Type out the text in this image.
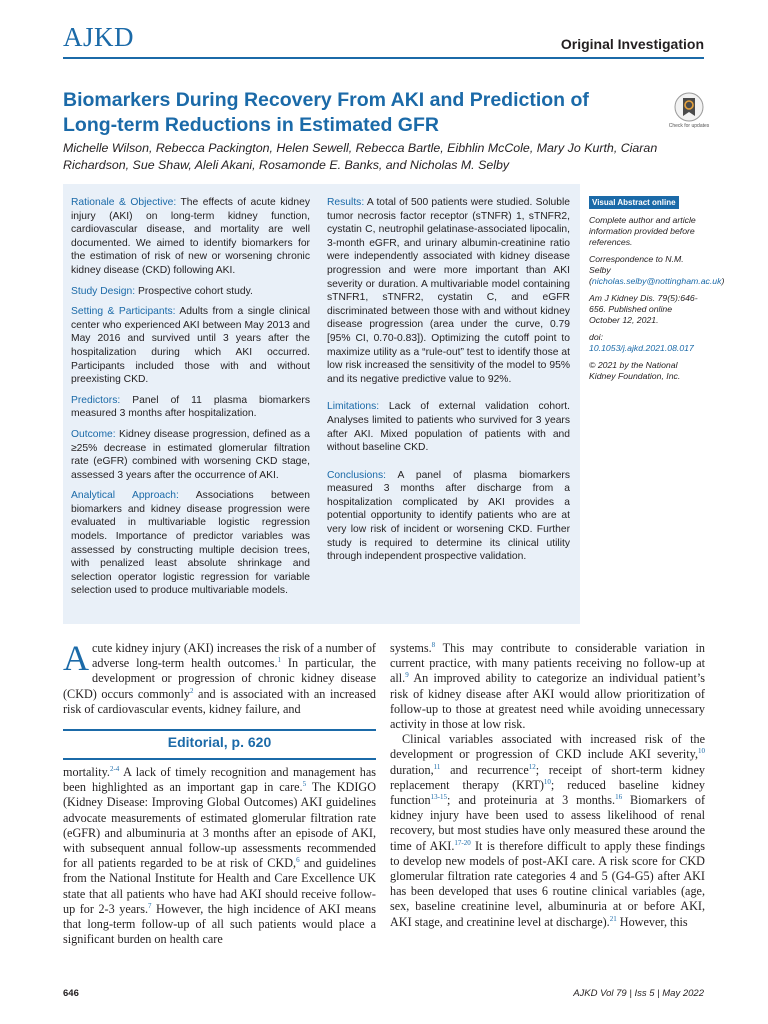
AJKD	Original Investigation
Biomarkers During Recovery From AKI and Prediction of Long-term Reductions in Estimated GFR	Check for updates

Michelle Wilson, Rebecca Packington, Helen Sewell, Rebecca Bartle, Eibhlin McCole, Mary Jo Kurth, Ciaran Richardson, Sue Shaw, Aleli Akani, Rosamonde E. Banks, and Nicholas M. Selby

Rationale & Objective: The effects of acute kidney injury (AKI) on long-term kidney function, cardiovascular disease, and mortality are well documented. We aimed to identify biomarkers for the estimation of risk of new or worsening chronic kidney disease (CKD) following AKI.

Study Design: Prospective cohort study.

Setting & Participants: Adults from a single clinical center who experienced AKI between May 2013 and May 2016 and survived until 3 years after the hospitalization during which AKI occurred. Participants included those with and without preexisting CKD.

Predictors: Panel of 11 plasma biomarkers measured 3 months after hospitalization.

Outcome: Kidney disease progression, defined as a ≥25% decrease in estimated glomerular filtration rate (eGFR) combined with worsening CKD stage, assessed 3 years after the occurrence of AKI.

Analytical Approach: Associations between biomarkers and kidney disease progression were evaluated in multivariable logistic regression models. Importance of predictor variables was assessed by constructing multiple decision trees, with penalized least absolute shrinkage and selection operator logistic regression for variable selection used to produce multivariable models.

Results: A total of 500 patients were studied. Soluble tumor necrosis factor receptor (sTNFR) 1, sTNFR2, cystatin C, neutrophil gelatinase-associated lipocalin, 3-month eGFR, and urinary albumin-creatinine ratio were independently associated with kidney disease progression and were more important than AKI severity or duration. A multivariable model containing sTNFR1, sTNFR2, cystatin C, and eGFR discriminated between those with and without kidney disease progression (area under the curve, 0.79 [95% CI, 0.70-0.83]). Optimizing the cutoff point to maximize utility as a “rule-out” test to identify those at low risk increased the sensitivity of the model to 95% and its negative predictive value to 92%.

Limitations: Lack of external validation cohort. Analyses limited to patients who survived for 3 years after AKI. Mixed population of patients with and without baseline CKD.

Conclusions: A panel of plasma biomarkers measured 3 months after discharge from a hospitalization complicated by AKI provides a potential opportunity to identify patients who are at very low risk of incident or worsening CKD. Further study is required to determine its clinical utility through independent prospective validation.

Visual Abstract online

Complete author and article information provided before references.

Correspondence to N.M. Selby (nicholas.selby@nottingham.ac.uk)

Am J Kidney Dis. 79(5):646-656. Published online October 12, 2021.

doi: 10.1053/j.ajkd.2021.08.017

© 2021 by the National Kidney Foundation, Inc.

Acute kidney injury (AKI) increases the risk of a number of adverse long-term health outcomes.$^1$ In particular, the development or progression of chronic kidney disease (CKD) occurs commonly$^2$ and is associated with an increased risk of cardiovascular events, kidney failure, and

Editorial, p. 620

mortality.$^{2-4}$ A lack of timely recognition and management has been highlighted as an important gap in care.$^5$ The KDIGO (Kidney Disease: Improving Global Outcomes) AKI guidelines advocate measurements of estimated glomerular filtration rate (eGFR) and albuminuria at 3 months after an episode of AKI, with subsequent annual follow-up assessments recommended for all patients regarded to be at risk of CKD,$^6$ and guidelines from the National Institute for Health and Care Excellence UK state that all patients who have had AKI should receive follow-up for 2-3 years.$^7$ However, the high incidence of AKI means that long-term follow-up of all such patients would place a significant burden on health care

systems.$^8$ This may contribute to considerable variation in current practice, with many patients receiving no follow-up at all.$^9$ An improved ability to categorize an individual patient’s risk of kidney disease after AKI would allow prioritization of follow-up to those at greatest need while avoiding unnecessary activity in those at low risk.

Clinical variables associated with increased risk of the development or progression of CKD include AKI severity,$^{10}$ duration,$^{11}$ and recurrence$^{12}$; receipt of short-term kidney replacement therapy (KRT)$^{10}$; reduced baseline kidney function$^{13-15}$; and proteinuria at 3 months.$^{16}$ Biomarkers of kidney injury have been used to assess likelihood of renal recovery, but most studies have only measured these around the time of AKI.$^{17-20}$ It is therefore difficult to apply these findings to develop new models of post-AKI care. A risk score for CKD glomerular filtration rate categories 4 and 5 (G4-G5) after AKI has been developed that uses 6 routine clinical variables (age, sex, baseline creatinine level, albuminuria at or before AKI, AKI stage, and creatinine level at discharge).$^{21}$ However, this

646	AJKD Vol 79 | Iss 5 | May 2022
